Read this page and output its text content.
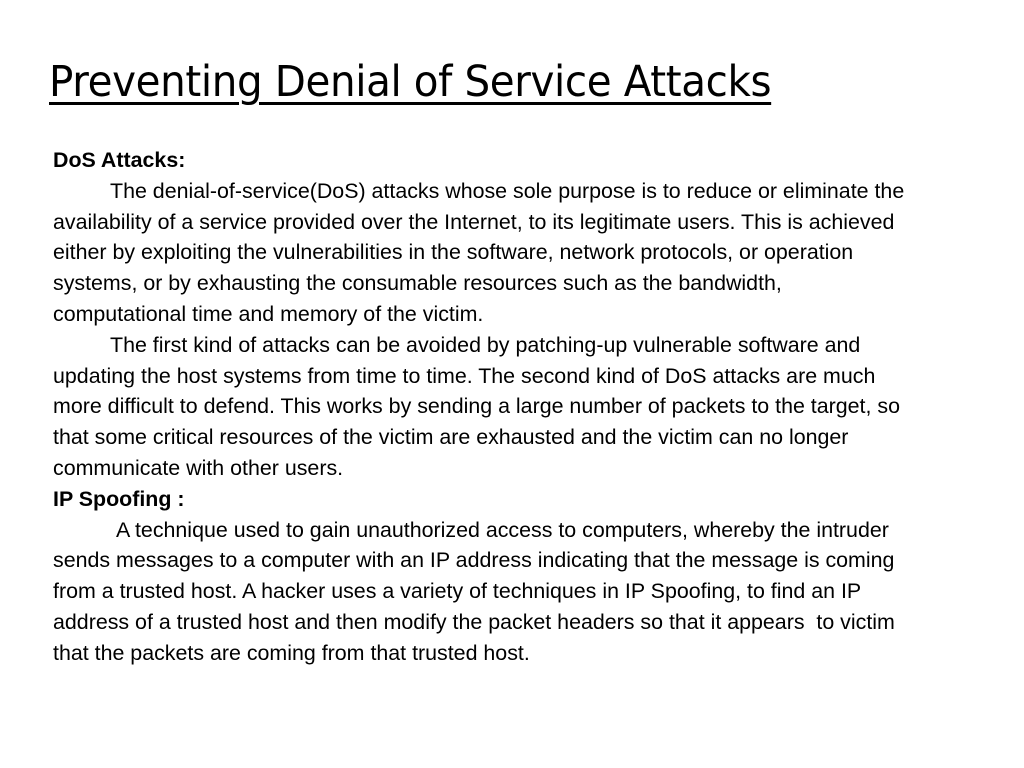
Preventing Denial of Service Attacks
DoS Attacks:

The denial-of-service(DoS) attacks whose sole purpose is to reduce or eliminate the availability of a service provided over the Internet, to its legitimate users. This is achieved either by exploiting the vulnerabilities in the software, network protocols, or operation systems, or by exhausting the consumable resources such as the bandwidth, computational time and memory of the victim.

The first kind of attacks can be avoided by patching-up vulnerable software and updating the host systems from time to time. The second kind of DoS attacks are much more difficult to defend. This works by sending a large number of packets to the target, so that some critical resources of the victim are exhausted and the victim can no longer communicate with other users.

IP Spoofing :

A technique used to gain unauthorized access to computers, whereby the intruder sends messages to a computer with an IP address indicating that the message is coming from a trusted host. A hacker uses a variety of techniques in IP Spoofing, to find an IP address of a trusted host and then modify the packet headers so that it appears  to victim that the packets are coming from that trusted host.
